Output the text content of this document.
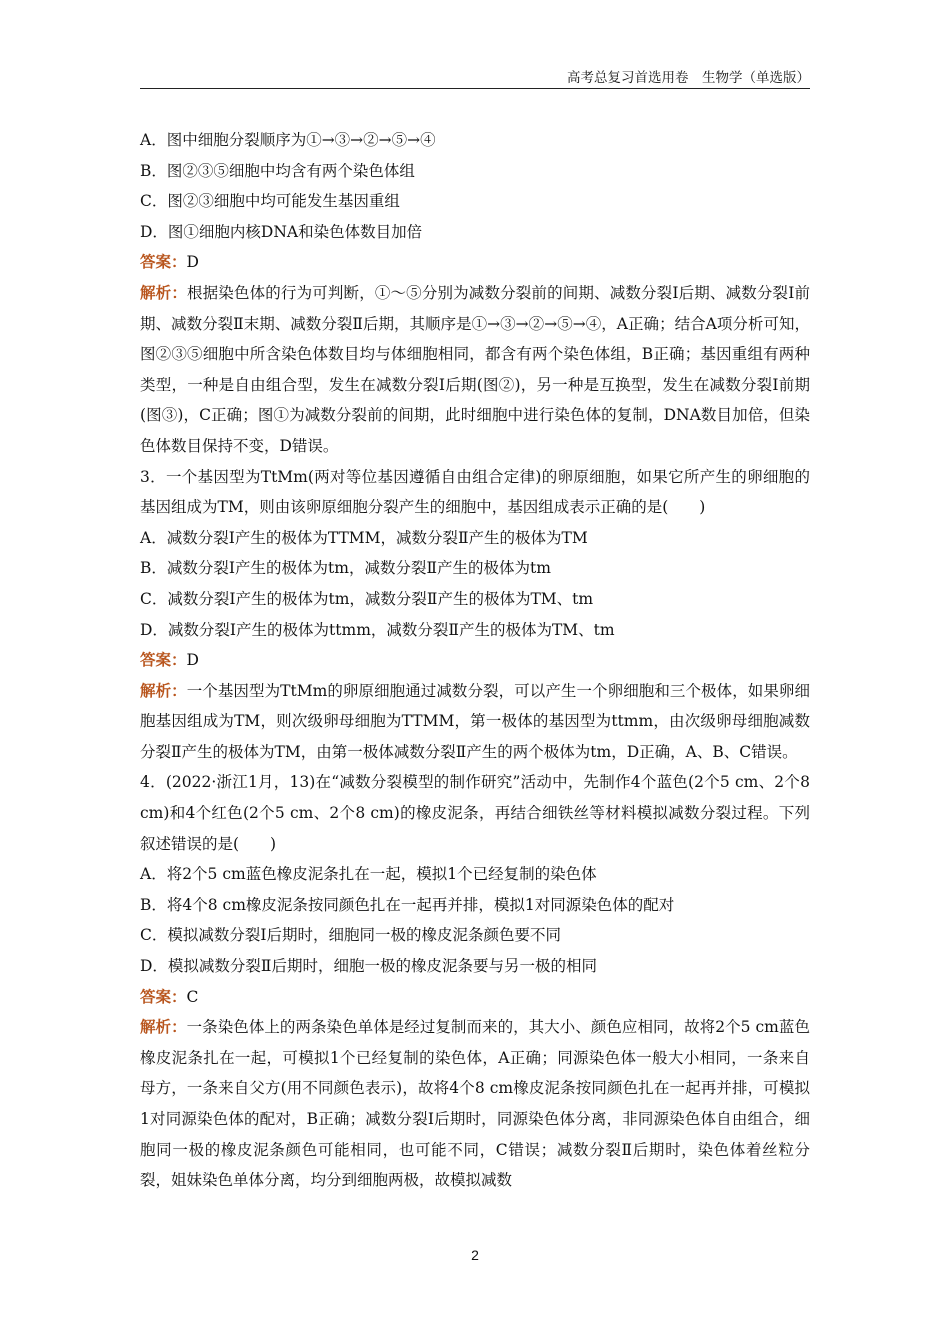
高考总复习首选用卷　生物学（单选版）

A．图中细胞分裂顺序为①→③→②→⑤→④

B．图②③⑤细胞中均含有两个染色体组

C．图②③细胞中均可能发生基因重组

D．图①细胞内核DNA和染色体数目加倍

答案：D

解析：根据染色体的行为可判断，①～⑤分别为减数分裂前的间期、减数分裂Ⅰ后期、减数分裂Ⅰ前期、减数分裂Ⅱ末期、减数分裂Ⅱ后期，其顺序是①→③→②→⑤→④，A正确；结合A项分析可知，图②③⑤细胞中所含染色体数目均与体细胞相同，都含有两个染色体组，B正确；基因重组有两种类型，一种是自由组合型，发生在减数分裂Ⅰ后期(图②)，另一种是互换型，发生在减数分裂Ⅰ前期(图③)，C正确；图①为减数分裂前的间期，此时细胞中进行染色体的复制，DNA数目加倍，但染色体数目保持不变，D错误。

3．一个基因型为TtMm(两对等位基因遵循自由组合定律)的卵原细胞，如果它所产生的卵细胞的基因组成为TM，则由该卵原细胞分裂产生的细胞中，基因组成表示正确的是(　　)

A．减数分裂Ⅰ产生的极体为TTMM，减数分裂Ⅱ产生的极体为TM

B．减数分裂Ⅰ产生的极体为tm，减数分裂Ⅱ产生的极体为tm

C．减数分裂Ⅰ产生的极体为tm，减数分裂Ⅱ产生的极体为TM、tm

D．减数分裂Ⅰ产生的极体为ttmm，减数分裂Ⅱ产生的极体为TM、tm

答案：D

解析：一个基因型为TtMm的卵原细胞通过减数分裂，可以产生一个卵细胞和三个极体，如果卵细胞基因组成为TM，则次级卵母细胞为TTMM，第一极体的基因型为ttmm，由次级卵母细胞减数分裂Ⅱ产生的极体为TM，由第一极体减数分裂Ⅱ产生的两个极体为tm，D正确，A、B、C错误。

4．(2022·浙江1月，13)在“减数分裂模型的制作研究”活动中，先制作4个蓝色(2个5 cm、2个8 cm)和4个红色(2个5 cm、2个8 cm)的橡皮泥条，再结合细铁丝等材料模拟减数分裂过程。下列叙述错误的是(　　)

A．将2个5 cm蓝色橡皮泥条扎在一起，模拟1个已经复制的染色体

B．将4个8 cm橡皮泥条按同颜色扎在一起再并排，模拟1对同源染色体的配对

C．模拟减数分裂Ⅰ后期时，细胞同一极的橡皮泥条颜色要不同

D．模拟减数分裂Ⅱ后期时，细胞一极的橡皮泥条要与另一极的相同

答案：C

解析：一条染色体上的两条染色单体是经过复制而来的，其大小、颜色应相同，故将2个5 cm蓝色橡皮泥条扎在一起，可模拟1个已经复制的染色体，A正确；同源染色体一般大小相同，一条来自母方，一条来自父方(用不同颜色表示)，故将4个8 cm橡皮泥条按同颜色扎在一起再并排，可模拟1对同源染色体的配对，B正确；减数分裂Ⅰ后期时，同源染色体分离，非同源染色体自由组合，细胞同一极的橡皮泥条颜色可能相同，也可能不同，C错误；减数分裂Ⅱ后期时，染色体着丝粒分裂，姐妹染色单体分离，均分到细胞两极，故模拟减数

2
